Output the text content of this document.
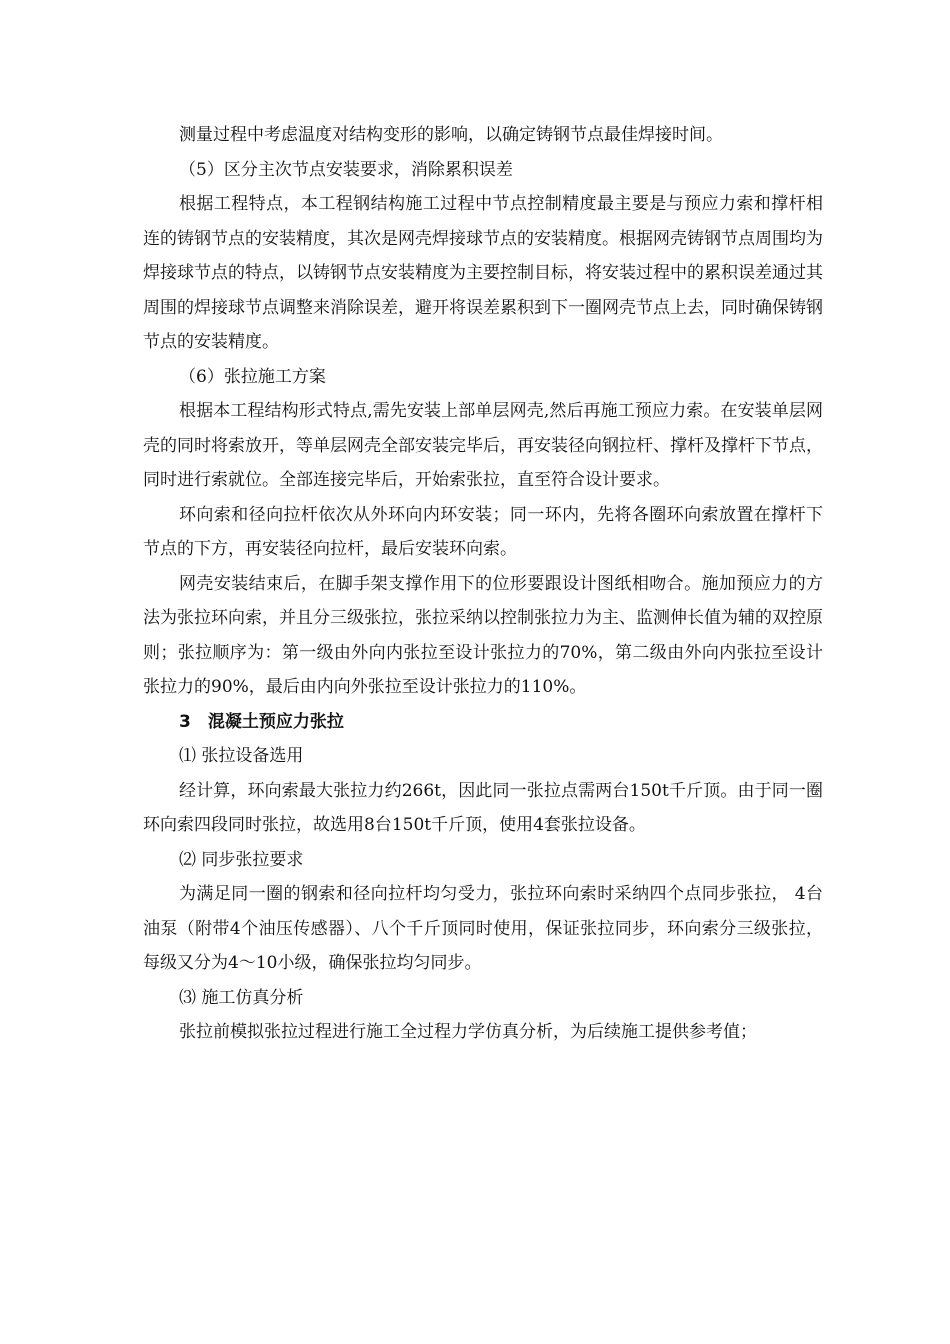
测量过程中考虑温度对结构变形的影响，以确定铸钢节点最佳焊接时间。

（5）区分主次节点安装要求，消除累积误差

根据工程特点，本工程钢结构施工过程中节点控制精度最主要是与预应力索和撑杆相连的铸钢节点的安装精度，其次是网壳焊接球节点的安装精度。根据网壳铸钢节点周围均为焊接球节点的特点，以铸钢节点安装精度为主要控制目标，将安装过程中的累积误差通过其周围的焊接球节点调整来消除误差，避开将误差累积到下一圈网壳节点上去，同时确保铸钢节点的安装精度。

（6）张拉施工方案

根据本工程结构形式特点,需先安装上部单层网壳,然后再施工预应力索。在安装单层网壳的同时将索放开，等单层网壳全部安装完毕后，再安装径向钢拉杆、撑杆及撑杆下节点，同时进行索就位。全部连接完毕后，开始索张拉，直至符合设计要求。

环向索和径向拉杆依次从外环向内环安装；同一环内，先将各圈环向索放置在撑杆下节点的下方，再安装径向拉杆，最后安装环向索。

网壳安装结束后，在脚手架支撑作用下的位形要跟设计图纸相吻合。施加预应力的方法为张拉环向索，并且分三级张拉，张拉采纳以控制张拉力为主、监测伸长值为辅的双控原则；张拉顺序为：第一级由外向内张拉至设计张拉力的70%，第二级由外向内张拉至设计张拉力的90%，最后由内向外张拉至设计张拉力的110%。

3　混凝土预应力张拉

⑴ 张拉设备选用

经计算，环向索最大张拉力约266t，因此同一张拉点需两台150t千斤顶。由于同一圈环向索四段同时张拉，故选用8台150t千斤顶，使用4套张拉设备。

⑵ 同步张拉要求

为满足同一圈的钢索和径向拉杆均匀受力，张拉环向索时采纳四个点同步张拉， 4台油泵（附带4个油压传感器）、八个千斤顶同时使用，保证张拉同步，环向索分三级张拉，每级又分为4～10小级，确保张拉均匀同步。

⑶ 施工仿真分析

张拉前模拟张拉过程进行施工全过程力学仿真分析，为后续施工提供参考值；
